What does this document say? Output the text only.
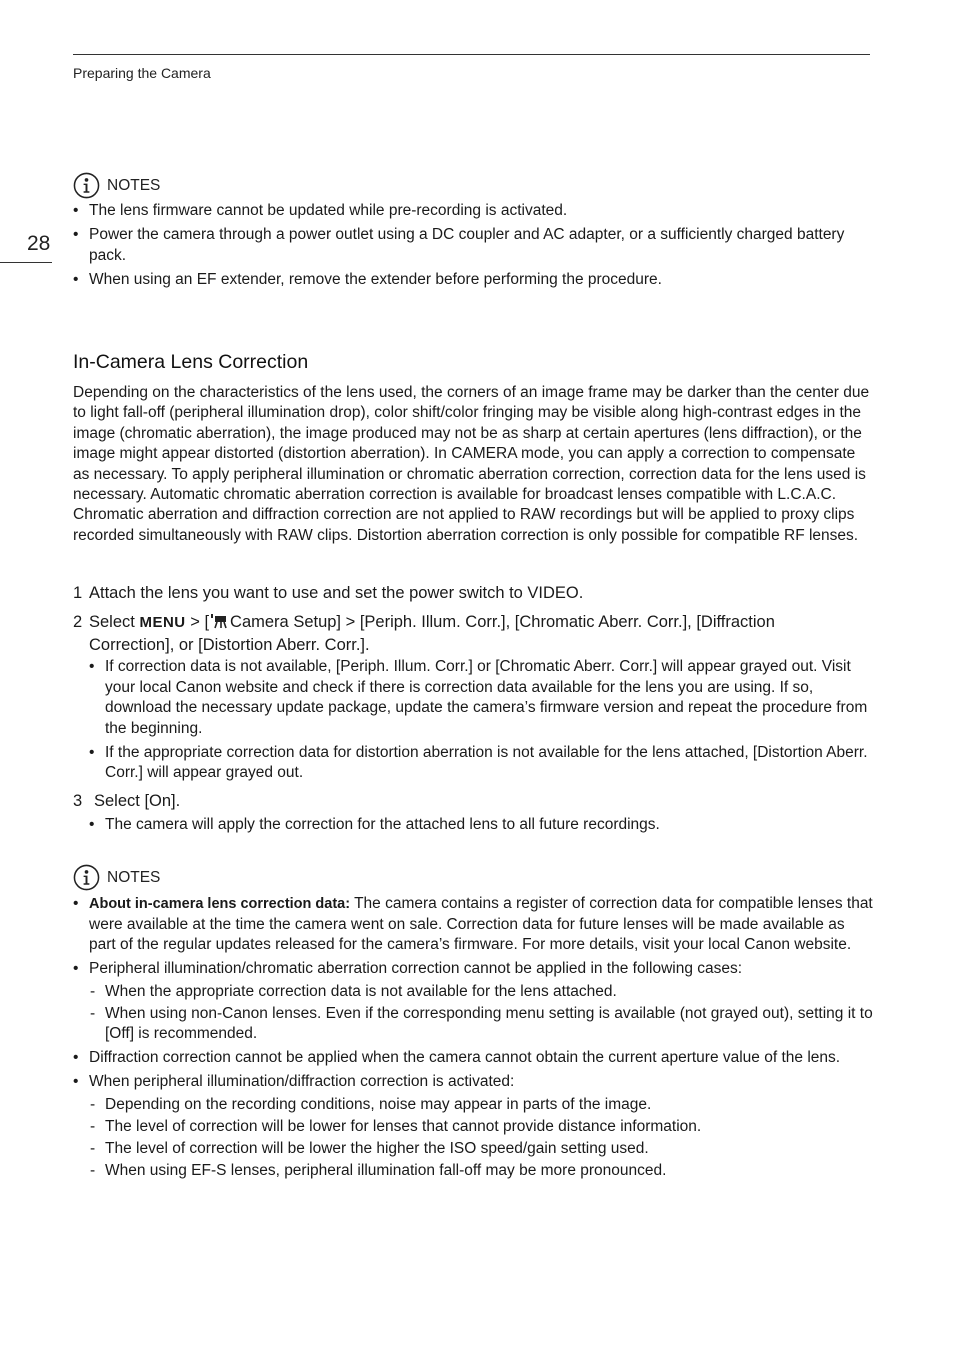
Preparing the Camera
28
NOTES
• The lens firmware cannot be updated while pre-recording is activated.
• Power the camera through a power outlet using a DC coupler and AC adapter, or a sufficiently charged battery pack.
• When using an EF extender, remove the extender before performing the procedure.
In-Camera Lens Correction

Depending on the characteristics of the lens used, the corners of an image frame may be darker than the center due to light fall-off (peripheral illumination drop), color shift/color fringing may be visible along high-contrast edges in the image (chromatic aberration), the image produced may not be as sharp at certain apertures (lens diffraction), or the image might appear distorted (distortion aberration). In CAMERA mode, you can apply a correction to compensate as necessary. To apply peripheral illumination or chromatic aberration correction, correction data for the lens used is necessary. Automatic chromatic aberration correction is available for broadcast lenses compatible with L.C.A.C. Chromatic aberration and diffraction correction are not applied to RAW recordings but will be applied to proxy clips recorded simultaneously with RAW clips. Distortion aberration correction is only possible for compatible RF lenses.

1 Attach the lens you want to use and set the power switch to VIDEO.
2 Select MENU > [ Camera Setup] > [Periph. Illum. Corr.], [Chromatic Aberr. Corr.], [Diffraction
Correction], or [Distortion Aberr. Corr.].
• If correction data is not available, [Periph. Illum. Corr.] or [Chromatic Aberr. Corr.] will appear grayed out. Visit your local Canon website and check if there is correction data available for the lens you are using. If so, download the necessary update package, update the camera’s firmware version and repeat the procedure from the beginning.
• If the appropriate correction data for distortion aberration is not available for the lens attached, [Distortion Aberr. Corr.] will appear grayed out.
3 Select [On].
• The camera will apply the correction for the attached lens to all future recordings.
NOTES
• About in-camera lens correction data: The camera contains a register of correction data for compatible lenses that were available at the time the camera went on sale. Correction data for future lenses will be made available as part of the regular updates released for the camera’s firmware. For more details, visit your local Canon website.
• Peripheral illumination/chromatic aberration correction cannot be applied in the following cases:
- When the appropriate correction data is not available for the lens attached.
- When using non-Canon lenses. Even if the corresponding menu setting is available (not grayed out), setting it to [Off] is recommended.
• Diffraction correction cannot be applied when the camera cannot obtain the current aperture value of the lens.
• When peripheral illumination/diffraction correction is activated:
- Depending on the recording conditions, noise may appear in parts of the image.
- The level of correction will be lower for lenses that cannot provide distance information.
- The level of correction will be lower the higher the ISO speed/gain setting used.
- When using EF-S lenses, peripheral illumination fall-off may be more pronounced.
